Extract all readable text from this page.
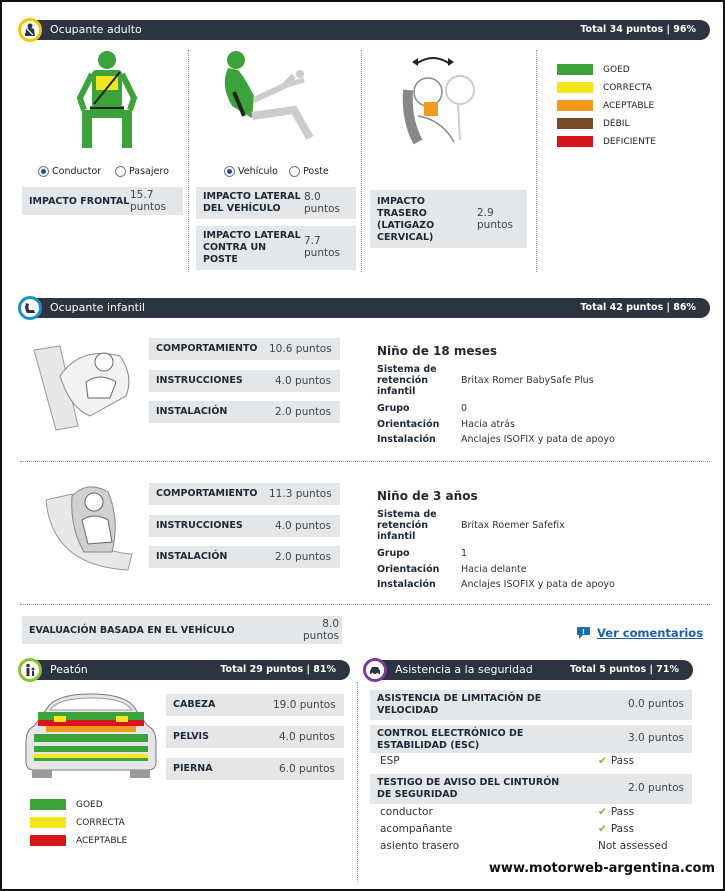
Ocupante adulto	Total 34 puntos | 96%
Conductor	Pasajero
IMPACTO FRONTAL
15.7 puntos
Vehículo	Poste
IMPACTO LATERAL DEL VEHÍCULO
8.0 puntos
IMPACTO LATERAL CONTRA UN POSTE
7.7 puntos
IMPACTO TRASERO (LATIGAZO CERVICAL)
2.9 puntos
GOED
CORRECTA
ACEPTABLE
DÉBIL
DEFICIENTE
Ocupante infantil	Total 42 puntos | 86%
COMPORTAMIENTO 10.6 puntos
INSTRUCCIONES	4.0 puntos
INSTALACIÓN	2.0 puntos
Niño de 18 meses
Sistema de retención infantil
Britax Romer BabySafe Plus
Grupo	0
Orientación	Hacia atrás
Instalación	Anclajes ISOFIX y pata de apoyo
COMPORTAMIENTO 11.3 puntos
INSTRUCCIONES	4.0 puntos
INSTALACIÓN	2.0 puntos
Niño de 3 años
Sistema de retención infantil
Britax Roemer Safefix
Grupo	1
Orientación	Hacia delante
Instalación	Anclajes ISOFIX y pata de apoyo
EVALUACIÓN BASADA EN EL VEHÍCULO
8.0 puntos	! Ver comentarios
Peatón	Total 29 puntos | 81%
CABEZA	19.0 puntos
PELVIS	4.0 puntos
PIERNA	6.0 puntos
GOED
CORRECTA
ACEPTABLE
Asistencia a la seguridad	Total 5 puntos | 71%
ASISTENCIA DE LIMITACIÓN DE VELOCIDAD
0.0 puntos
CONTROL ELECTRÓNICO DE ESTABILIDAD (ESC)
3.0 puntos
ESP	✔ Pass
TESTIGO DE AVISO DEL CINTURÓN DE SEGURIDAD
2.0 puntos
conductor	✔ Pass
acompañante	✔ Pass
asiento trasero	Not assessed
www.motorweb-argentina.com
